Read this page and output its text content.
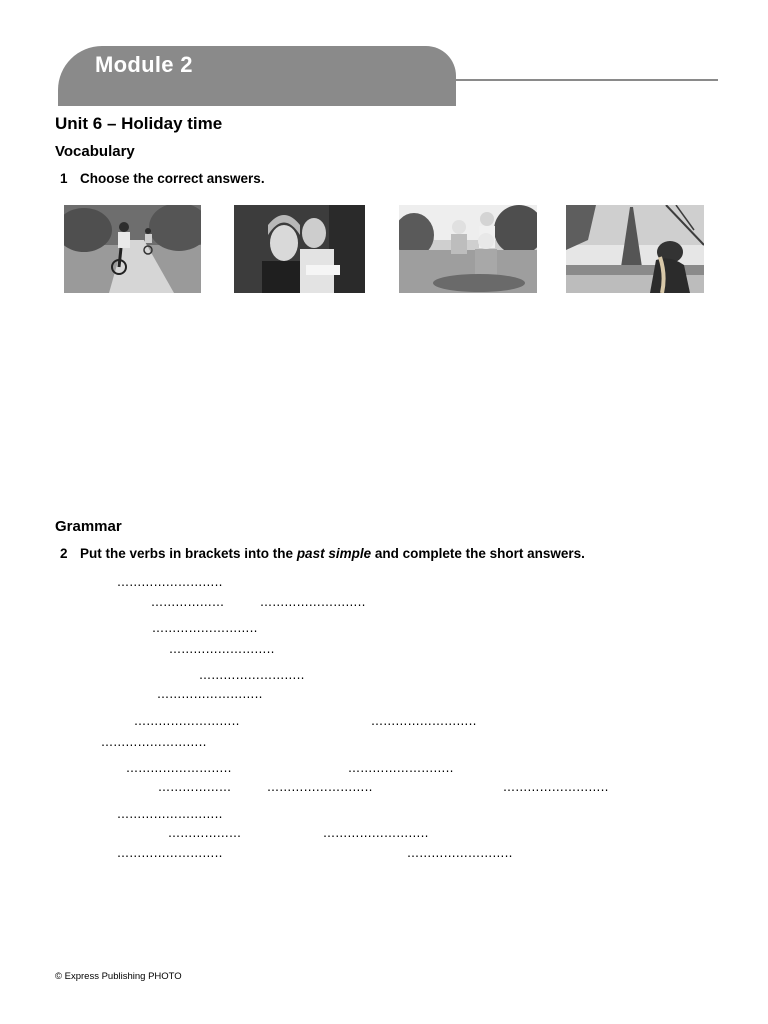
Module 2
Unit 6 – Holiday time
Vocabulary

1 Choose the correct answers.

Grammar

2 Put the verbs in brackets into the past simple and complete the short answers.

……………………..
………………	……………………..
……………………..
……………………..
……………………..
……………………..
……………………..	……………………..
……………………..
……………………..	……………………..
………………	……………………..	……………………..
……………………..
………………	……………………..
……………………..	……………………..
© Express Publishing PHOTO
